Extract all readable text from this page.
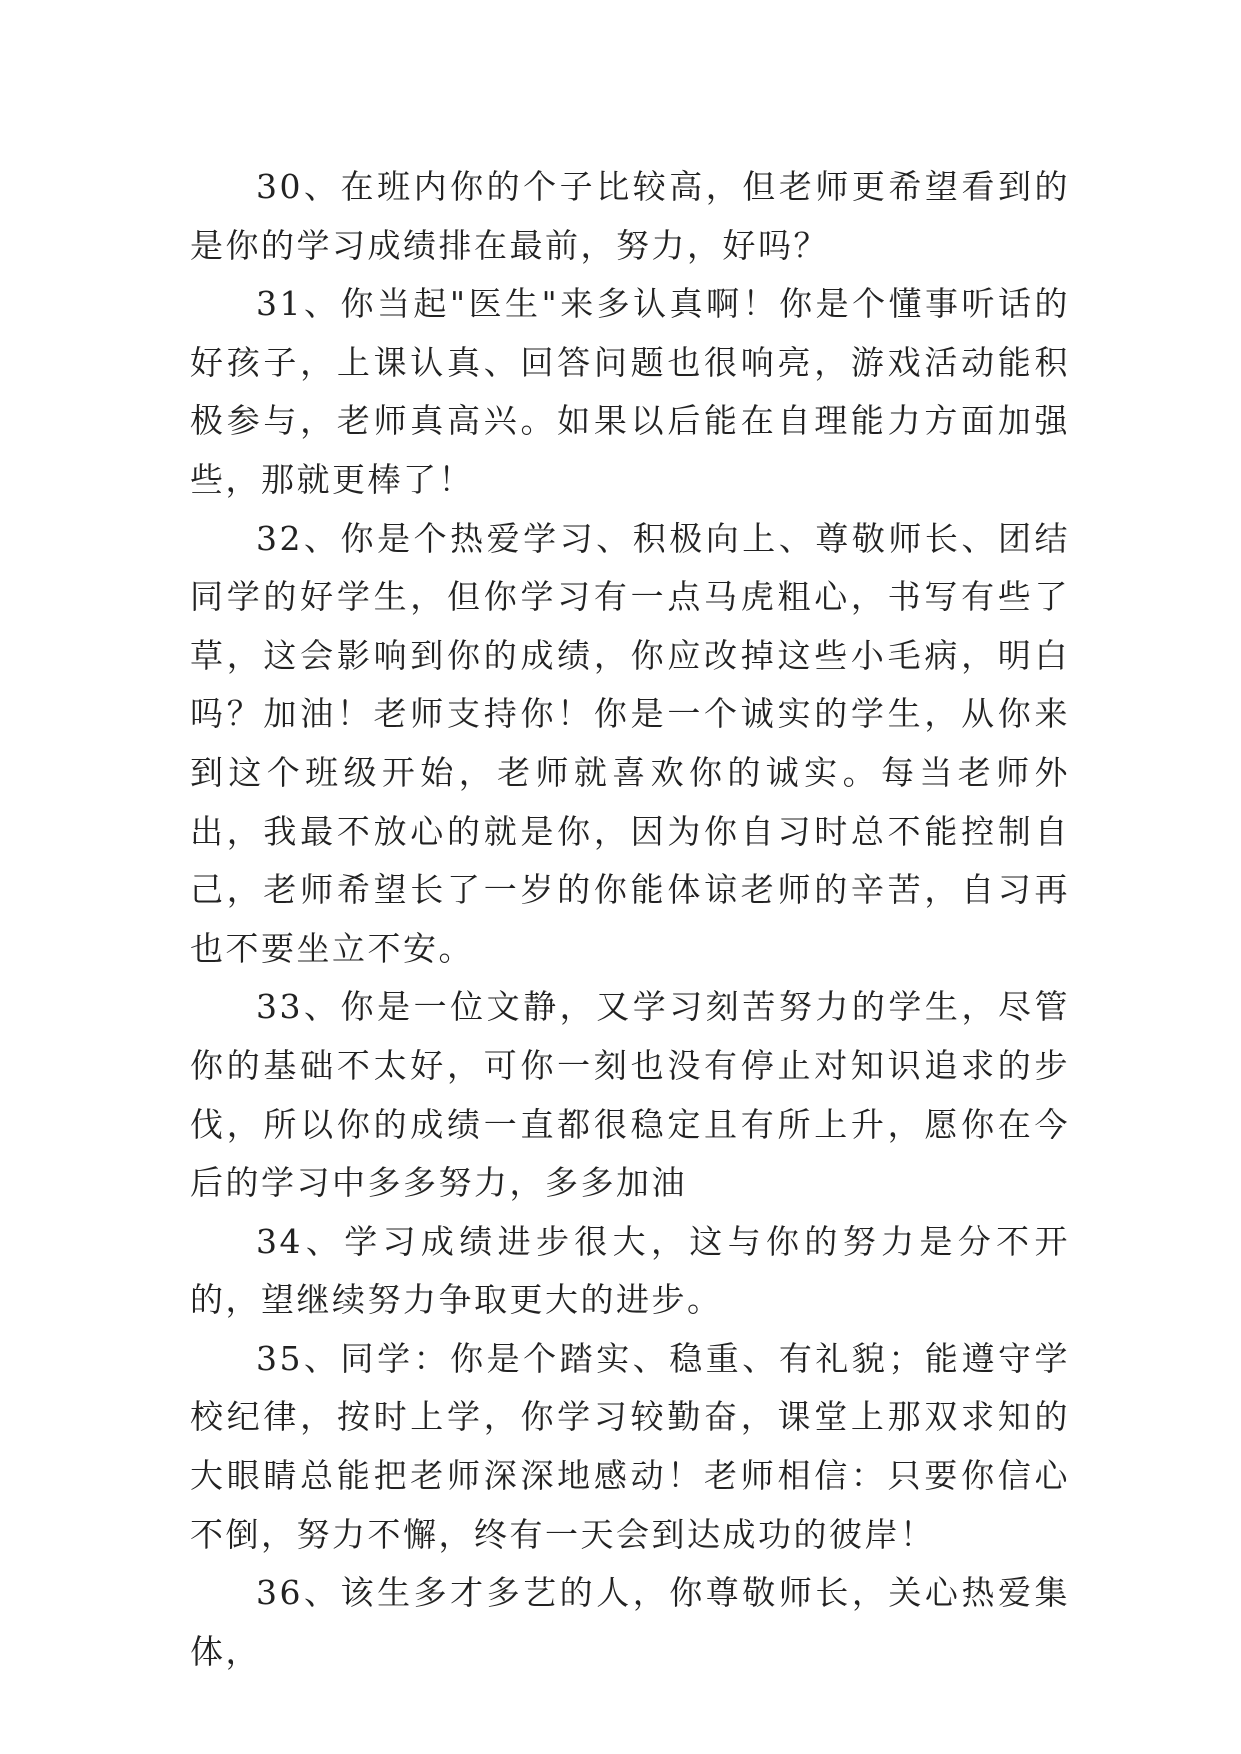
30、在班内你的个子比较高，但老师更希望看到的是你的学习成绩排在最前，努力，好吗？

31、你当起"医生"来多认真啊！你是个懂事听话的好孩子，上课认真、回答问题也很响亮，游戏活动能积极参与，老师真高兴。如果以后能在自理能力方面加强些，那就更棒了！

32、你是个热爱学习、积极向上、尊敬师长、团结同学的好学生，但你学习有一点马虎粗心，书写有些了草，这会影响到你的成绩，你应改掉这些小毛病，明白吗？加油！老师支持你！你是一个诚实的学生，从你来到这个班级开始，老师就喜欢你的诚实。每当老师外出，我最不放心的就是你，因为你自习时总不能控制自己，老师希望长了一岁的你能体谅老师的辛苦，自习再也不要坐立不安。

33、你是一位文静，又学习刻苦努力的学生，尽管你的基础不太好，可你一刻也没有停止对知识追求的步伐，所以你的成绩一直都很稳定且有所上升，愿你在今后的学习中多多努力，多多加油

34、学习成绩进步很大，这与你的努力是分不开的，望继续努力争取更大的进步。

35、同学：你是个踏实、稳重、有礼貌；能遵守学校纪律，按时上学，你学习较勤奋，课堂上那双求知的大眼睛总能把老师深深地感动！老师相信：只要你信心不倒，努力不懈，终有一天会到达成功的彼岸！

36、该生多才多艺的人，你尊敬师长，关心热爱集体，
